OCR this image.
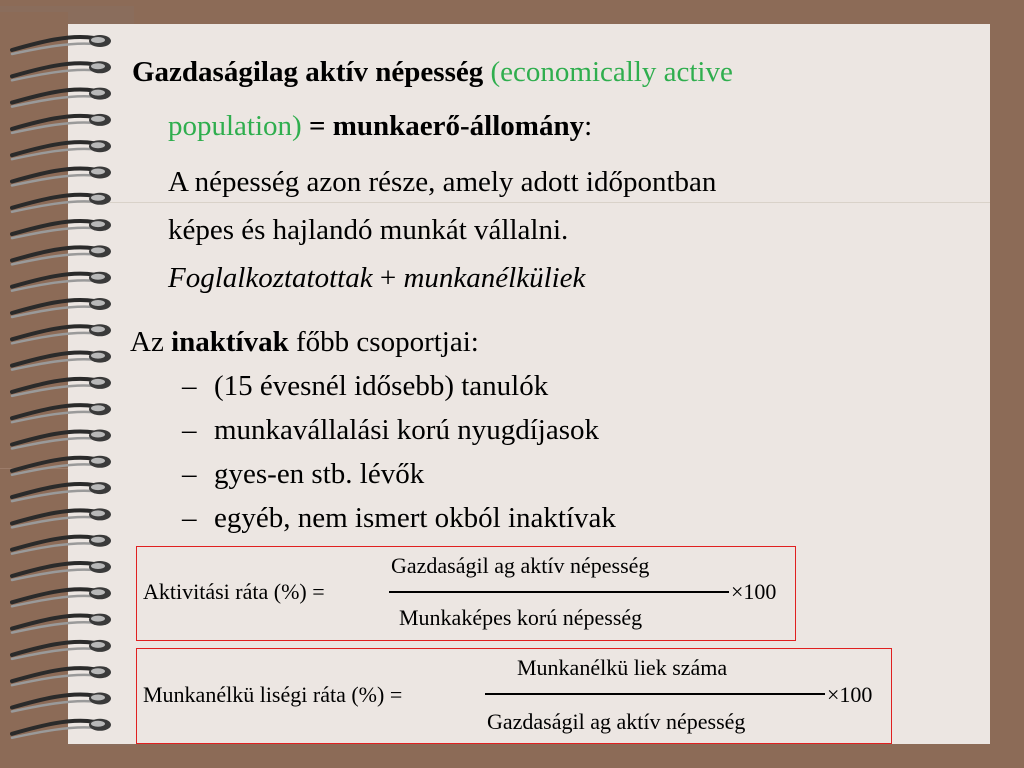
Gazdaságilag aktív népesség (economically active
population) = munkaerő-állomány:
A népesség azon része, amely adott időpontban
képes és hajlandó munkát vállalni.
Foglalkoztatottak + munkanélküliek
Az inaktívak főbb csoportjai:
– (15 évesnél idősebb) tanulók
– munkavállalási korú nyugdíjasok
– gyes-en stb. lévők
– egyéb, nem ismert okból inaktívak
Aktivitási ráta (%) =
Gazdaságil ag aktív népesség
Munkaképes korú népesség
×100
Munkanélkü liségi ráta (%) =
Munkanélkü liek száma
Gazdaságil ag aktív népesség
×100
